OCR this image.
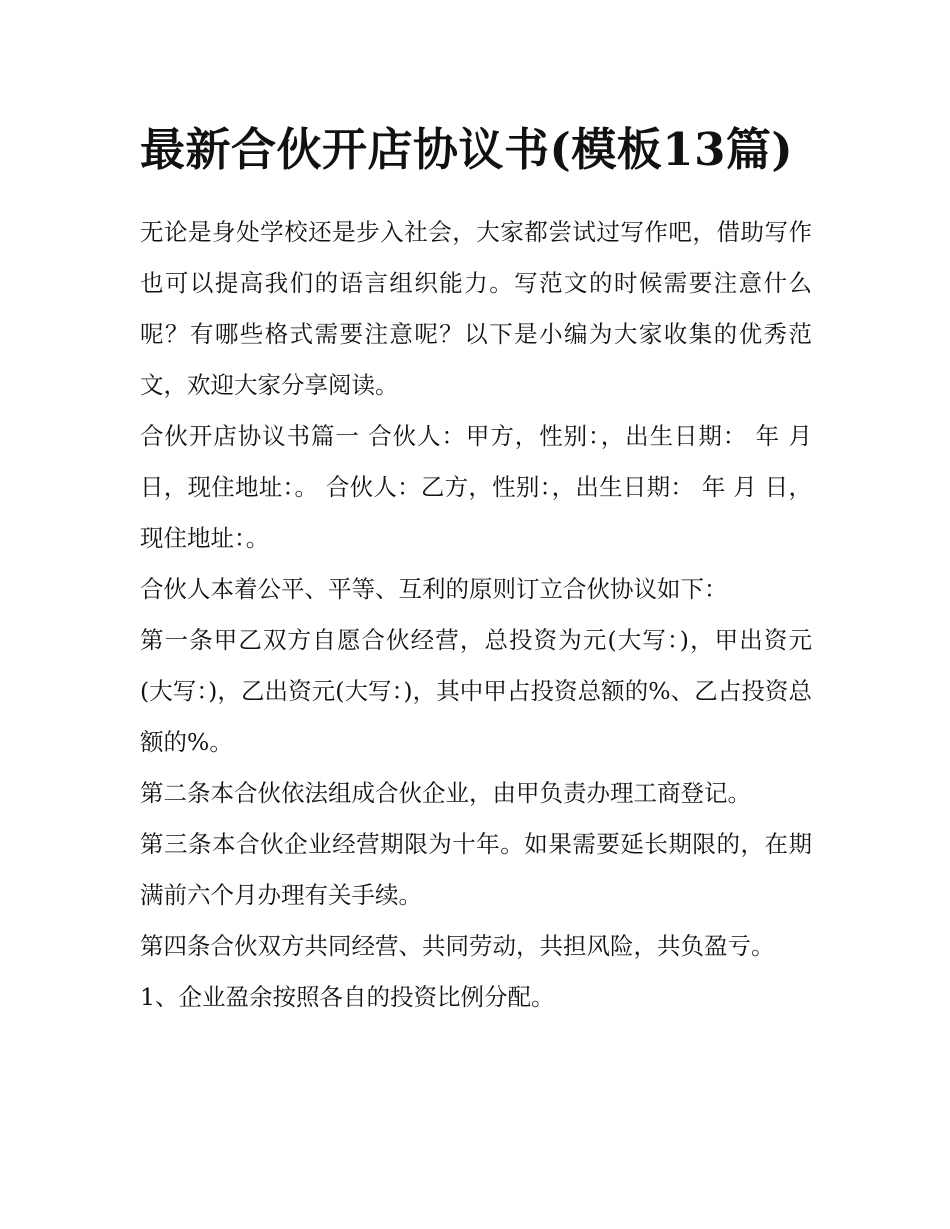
最新合伙开店协议书(模板13篇)

无论是身处学校还是步入社会，大家都尝试过写作吧，借助写作也可以提高我们的语言组织能力。写范文的时候需要注意什么呢？有哪些格式需要注意呢？以下是小编为大家收集的优秀范文，欢迎大家分享阅读。

合伙开店协议书篇一 合伙人：甲方，性别：，出生日期： 年 月 日，现住地址：。 合伙人：乙方，性别：，出生日期： 年 月 日，现住地址：。

合伙人本着公平、平等、互利的原则订立合伙协议如下：

第一条甲乙双方自愿合伙经营，总投资为元(大写：)，甲出资元(大写：)，乙出资元(大写：)，其中甲占投资总额的%、乙占投资总额的%。

第二条本合伙依法组成合伙企业，由甲负责办理工商登记。

第三条本合伙企业经营期限为十年。如果需要延长期限的，在期满前六个月办理有关手续。

第四条合伙双方共同经营、共同劳动，共担风险，共负盈亏。

1、企业盈余按照各自的投资比例分配。
